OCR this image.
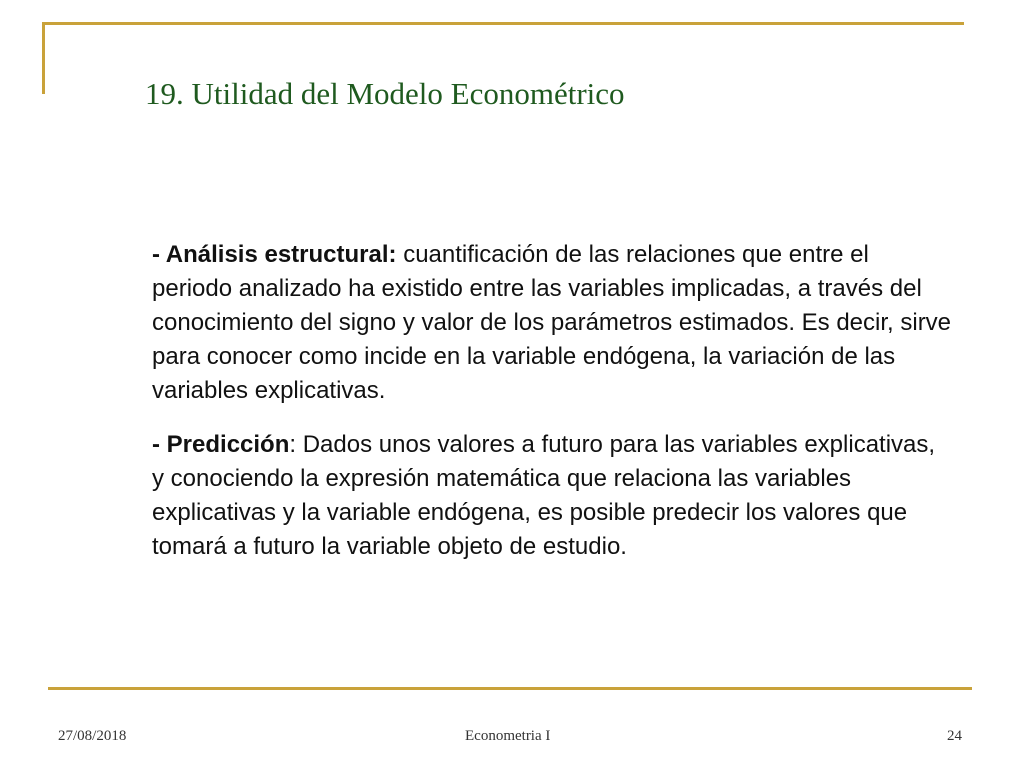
19. Utilidad del Modelo Econométrico

- Análisis estructural: cuantificación de las relaciones que entre el periodo analizado ha existido entre las variables implicadas, a través del conocimiento del signo y valor de los parámetros estimados. Es decir, sirve para conocer como incide en la variable endógena, la variación de las variables explicativas.

- Predicción: Dados unos valores a futuro para las variables explicativas, y conociendo la expresión matemática que relaciona las variables explicativas y la variable endógena, es posible predecir los valores que tomará a futuro la variable objeto de estudio.

27/08/2018	Econometria I	24
